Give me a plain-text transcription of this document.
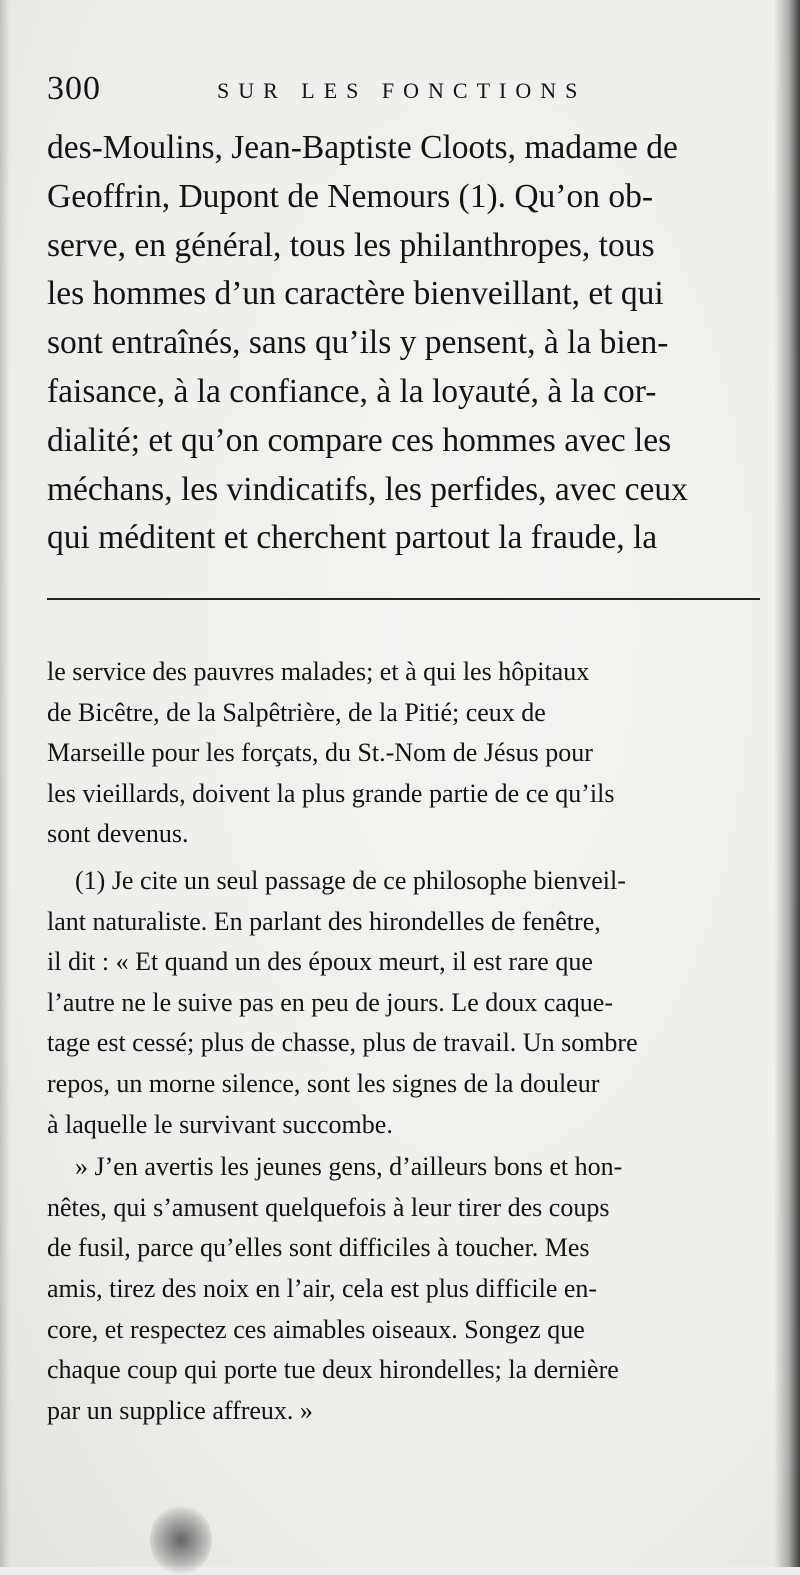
300	SUR LES FONCTIONS
des-Moulins, Jean-Baptiste Cloots, madame de
Geoffrin, Dupont de Nemours (1). Qu’on ob-
serve, en général, tous les philanthropes, tous
les hommes d’un caractère bienveillant, et qui
sont entraînés, sans qu’ils y pensent, à la bien-
faisance, à la confiance, à la loyauté, à la cor-
dialité; et qu’on compare ces hommes avec les
méchans, les vindicatifs, les perfides, avec ceux
qui méditent et cherchent partout la fraude, la
le service des pauvres malades; et à qui les hôpitaux
de Bicêtre, de la Salpêtrière, de la Pitié; ceux de
Marseille pour les forçats, du St.-Nom de Jésus pour
les vieillards, doivent la plus grande partie de ce qu’ils
sont devenus.
(1) Je cite un seul passage de ce philosophe bienveil-
lant naturaliste. En parlant des hirondelles de fenêtre,
il dit : « Et quand un des époux meurt, il est rare que
l’autre ne le suive pas en peu de jours. Le doux caque-
tage est cessé; plus de chasse, plus de travail. Un sombre
repos, un morne silence, sont les signes de la douleur
à laquelle le survivant succombe.
» J’en avertis les jeunes gens, d’ailleurs bons et hon-
nêtes, qui s’amusent quelquefois à leur tirer des coups
de fusil, parce qu’elles sont difficiles à toucher. Mes
amis, tirez des noix en l’air, cela est plus difficile en-
core, et respectez ces aimables oiseaux. Songez que
chaque coup qui porte tue deux hirondelles; la dernière
par un supplice affreux. »
